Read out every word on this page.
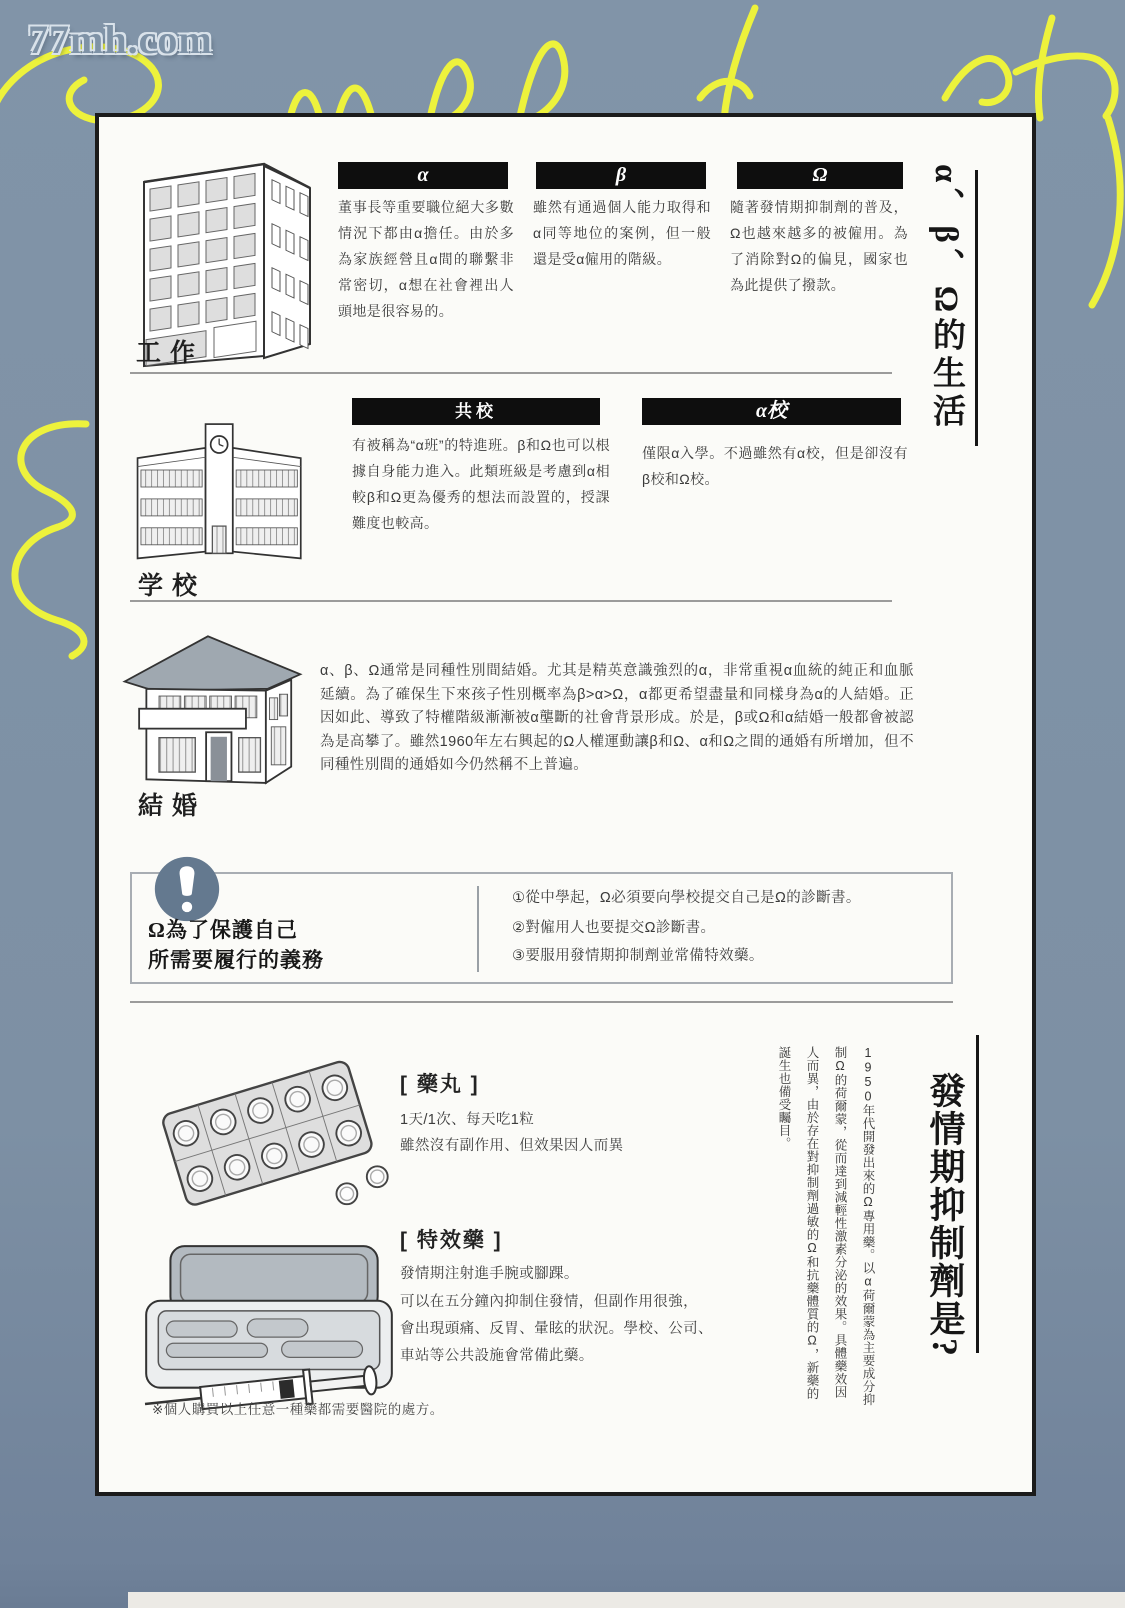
77mh.com
工作
α	β	Ω
董事長等重要職位絕大多數情況下都由α擔任。由於多為家族經營且α間的聯繫非常密切，α想在社會裡出人頭地是很容易的。
雖然有通過個人能力取得和α同等地位的案例，但一般還是受α僱用的階級。
隨著發情期抑制劑的普及，Ω也越來越多的被僱用。為了消除對Ω的偏見，國家也為此提供了撥款。	α、β、Ω的生活
学校
共校	α校
有被稱為“α班”的特進班。β和Ω也可以根據自身能力進入。此類班級是考慮到α相較β和Ω更為優秀的想法而設置的，授課難度也較高。
僅限α入學。不過雖然有α校，但是卻沒有β校和Ω校。
結婚
α、β、Ω通常是同種性別間結婚。尤其是精英意識強烈的α，非常重視α血統的純正和血脈延續。為了確保生下來孩子性別概率為β>α>Ω，α都更希望盡量和同樣身為α的人結婚。正因如此、導致了特權階級漸漸被α壟斷的社會背景形成。於是，β或Ω和α結婚一般都會被認為是高攀了。雖然1960年左右興起的Ω人權運動讓β和Ω、α和Ω之間的通婚有所增加，但不同種性別間的通婚如今仍然稱不上普遍。
Ω為了保護自己
所需要履行的義務
①從中學起，Ω必須要向學校提交自己是Ω的診斷書。
②對僱用人也要提交Ω診斷書。
③要服用發情期抑制劑並常備特效藥。
[ 藥丸 ]
1天/1次、每天吃1粒
雖然沒有副作用、但效果因人而異
[ 特效藥 ]
發情期注射進手腕或腳踝。
可以在五分鐘內抑制住發情，但副作用很強，
會出現頭痛、反胃、暈眩的狀況。學校、公司、
車站等公共設施會常備此藥。	1950年代開發出來的Ω專用藥。以α荷爾蒙為主要成分抑制Ω的荷爾蒙，從而達到減輕性激素分泌的效果。具體藥效因人而異，由於存在對抑制劑過敏的Ω和抗藥體質的Ω，新藥的誕生也備受矚目。	發情期抑制劑是?
※個人購買以上任意一種藥都需要醫院的處方。
